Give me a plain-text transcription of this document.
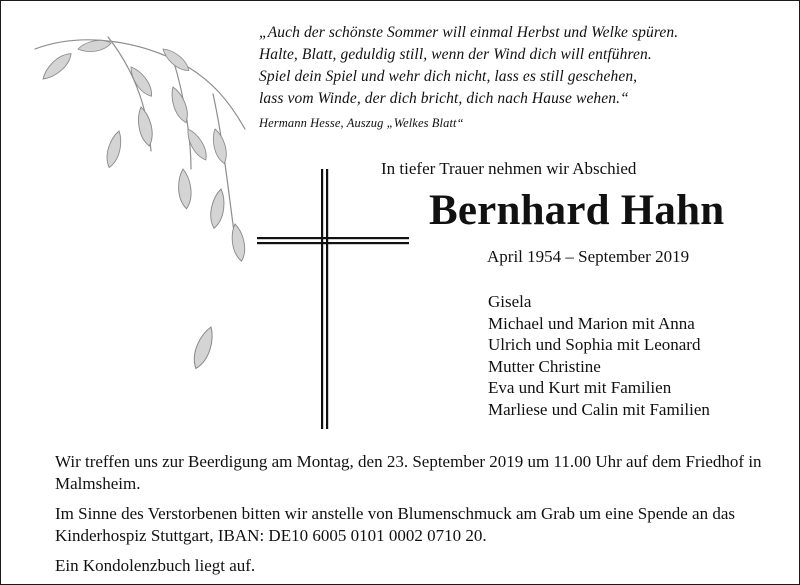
„Auch der schönste Sommer will einmal Herbst und Welke spüren.
Halte, Blatt, geduldig still, wenn der Wind dich will entführen.
Spiel dein Spiel und wehr dich nicht, lass es still geschehen,
lass vom Winde, der dich bricht, dich nach Hause wehen.“
Hermann Hesse, Auszug „Welkes Blatt“
In tiefer Trauer nehmen wir Abschied
Bernhard Hahn
April 1954 – September 2019
Gisela
Michael und Marion mit Anna
Ulrich und Sophia mit Leonard
Mutter Christine
Eva und Kurt mit Familien
Marliese und Calin mit Familien

Wir treffen uns zur Beerdigung am Montag, den 23. September 2019 um 11.00 Uhr auf dem Friedhof in Malmsheim.

Im Sinne des Verstorbenen bitten wir anstelle von Blumenschmuck am Grab um eine Spende an das Kinderhospiz Stuttgart, IBAN: DE10 6005 0101 0002 0710 20.

Ein Kondolenzbuch liegt auf.
